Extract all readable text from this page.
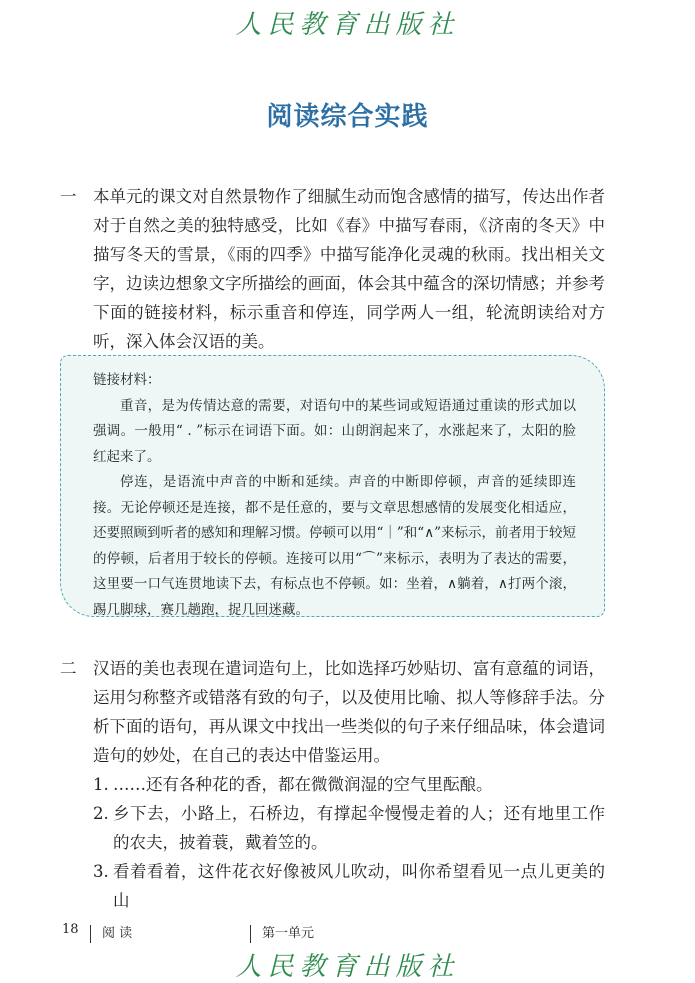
人民教育出版社
阅读综合实践
一 本单元的课文对自然景物作了细腻生动而饱含感情的描写，传达出作者对于自然之美的独特感受，比如《春》中描写春雨，《济南的冬天》中描写冬天的雪景，《雨的四季》中描写能净化灵魂的秋雨。找出相关文字，边读边想象文字所描绘的画面，体会其中蕴含的深切情感；并参考下面的链接材料，标示重音和停连，同学两人一组，轮流朗读给对方听，深入体会汉语的美。

链接材料：

重音，是为传情达意的需要，对语句中的某些词或短语通过重读的形式加以强调。一般用“ . ”标示在词语下面。如：山朗润起来了，水涨起来了，太阳的脸红起来了。

停连，是语流中声音的中断和延续。声音的中断即停顿，声音的延续即连接。无论停顿还是连接，都不是任意的，要与文章思想感情的发展变化相适应，还要照顾到听者的感知和理解习惯。停顿可以用“｜”和“∧”来标示，前者用于较短的停顿，后者用于较长的停顿。连接可以用“⌒”来标示，表明为了表达的需要，这里要一口气连贯地读下去，有标点也不停顿。如：坐着，∧躺着，∧打两个滚，踢几脚球，赛几趟跑，捉几回迷藏。

二 汉语的美也表现在遣词造句上，比如选择巧妙贴切、富有意蕴的词语，运用匀称整齐或错落有致的句子，以及使用比喻、拟人等修辞手法。分析下面的语句，再从课文中找出一些类似的句子来仔细品味，体会遣词造句的妙处，在自己的表达中借鉴运用。
1. ……还有各种花的香，都在微微润湿的空气里酝酿。
2. 乡下去，小路上，石桥边，有撑起伞慢慢走着的人；还有地里工作的农夫，披着蓑，戴着笠的。
3. 看着看着，这件花衣好像被风儿吹动，叫你希望看见一点儿更美的山
18 阅 读	第一单元
人民教育出版社
